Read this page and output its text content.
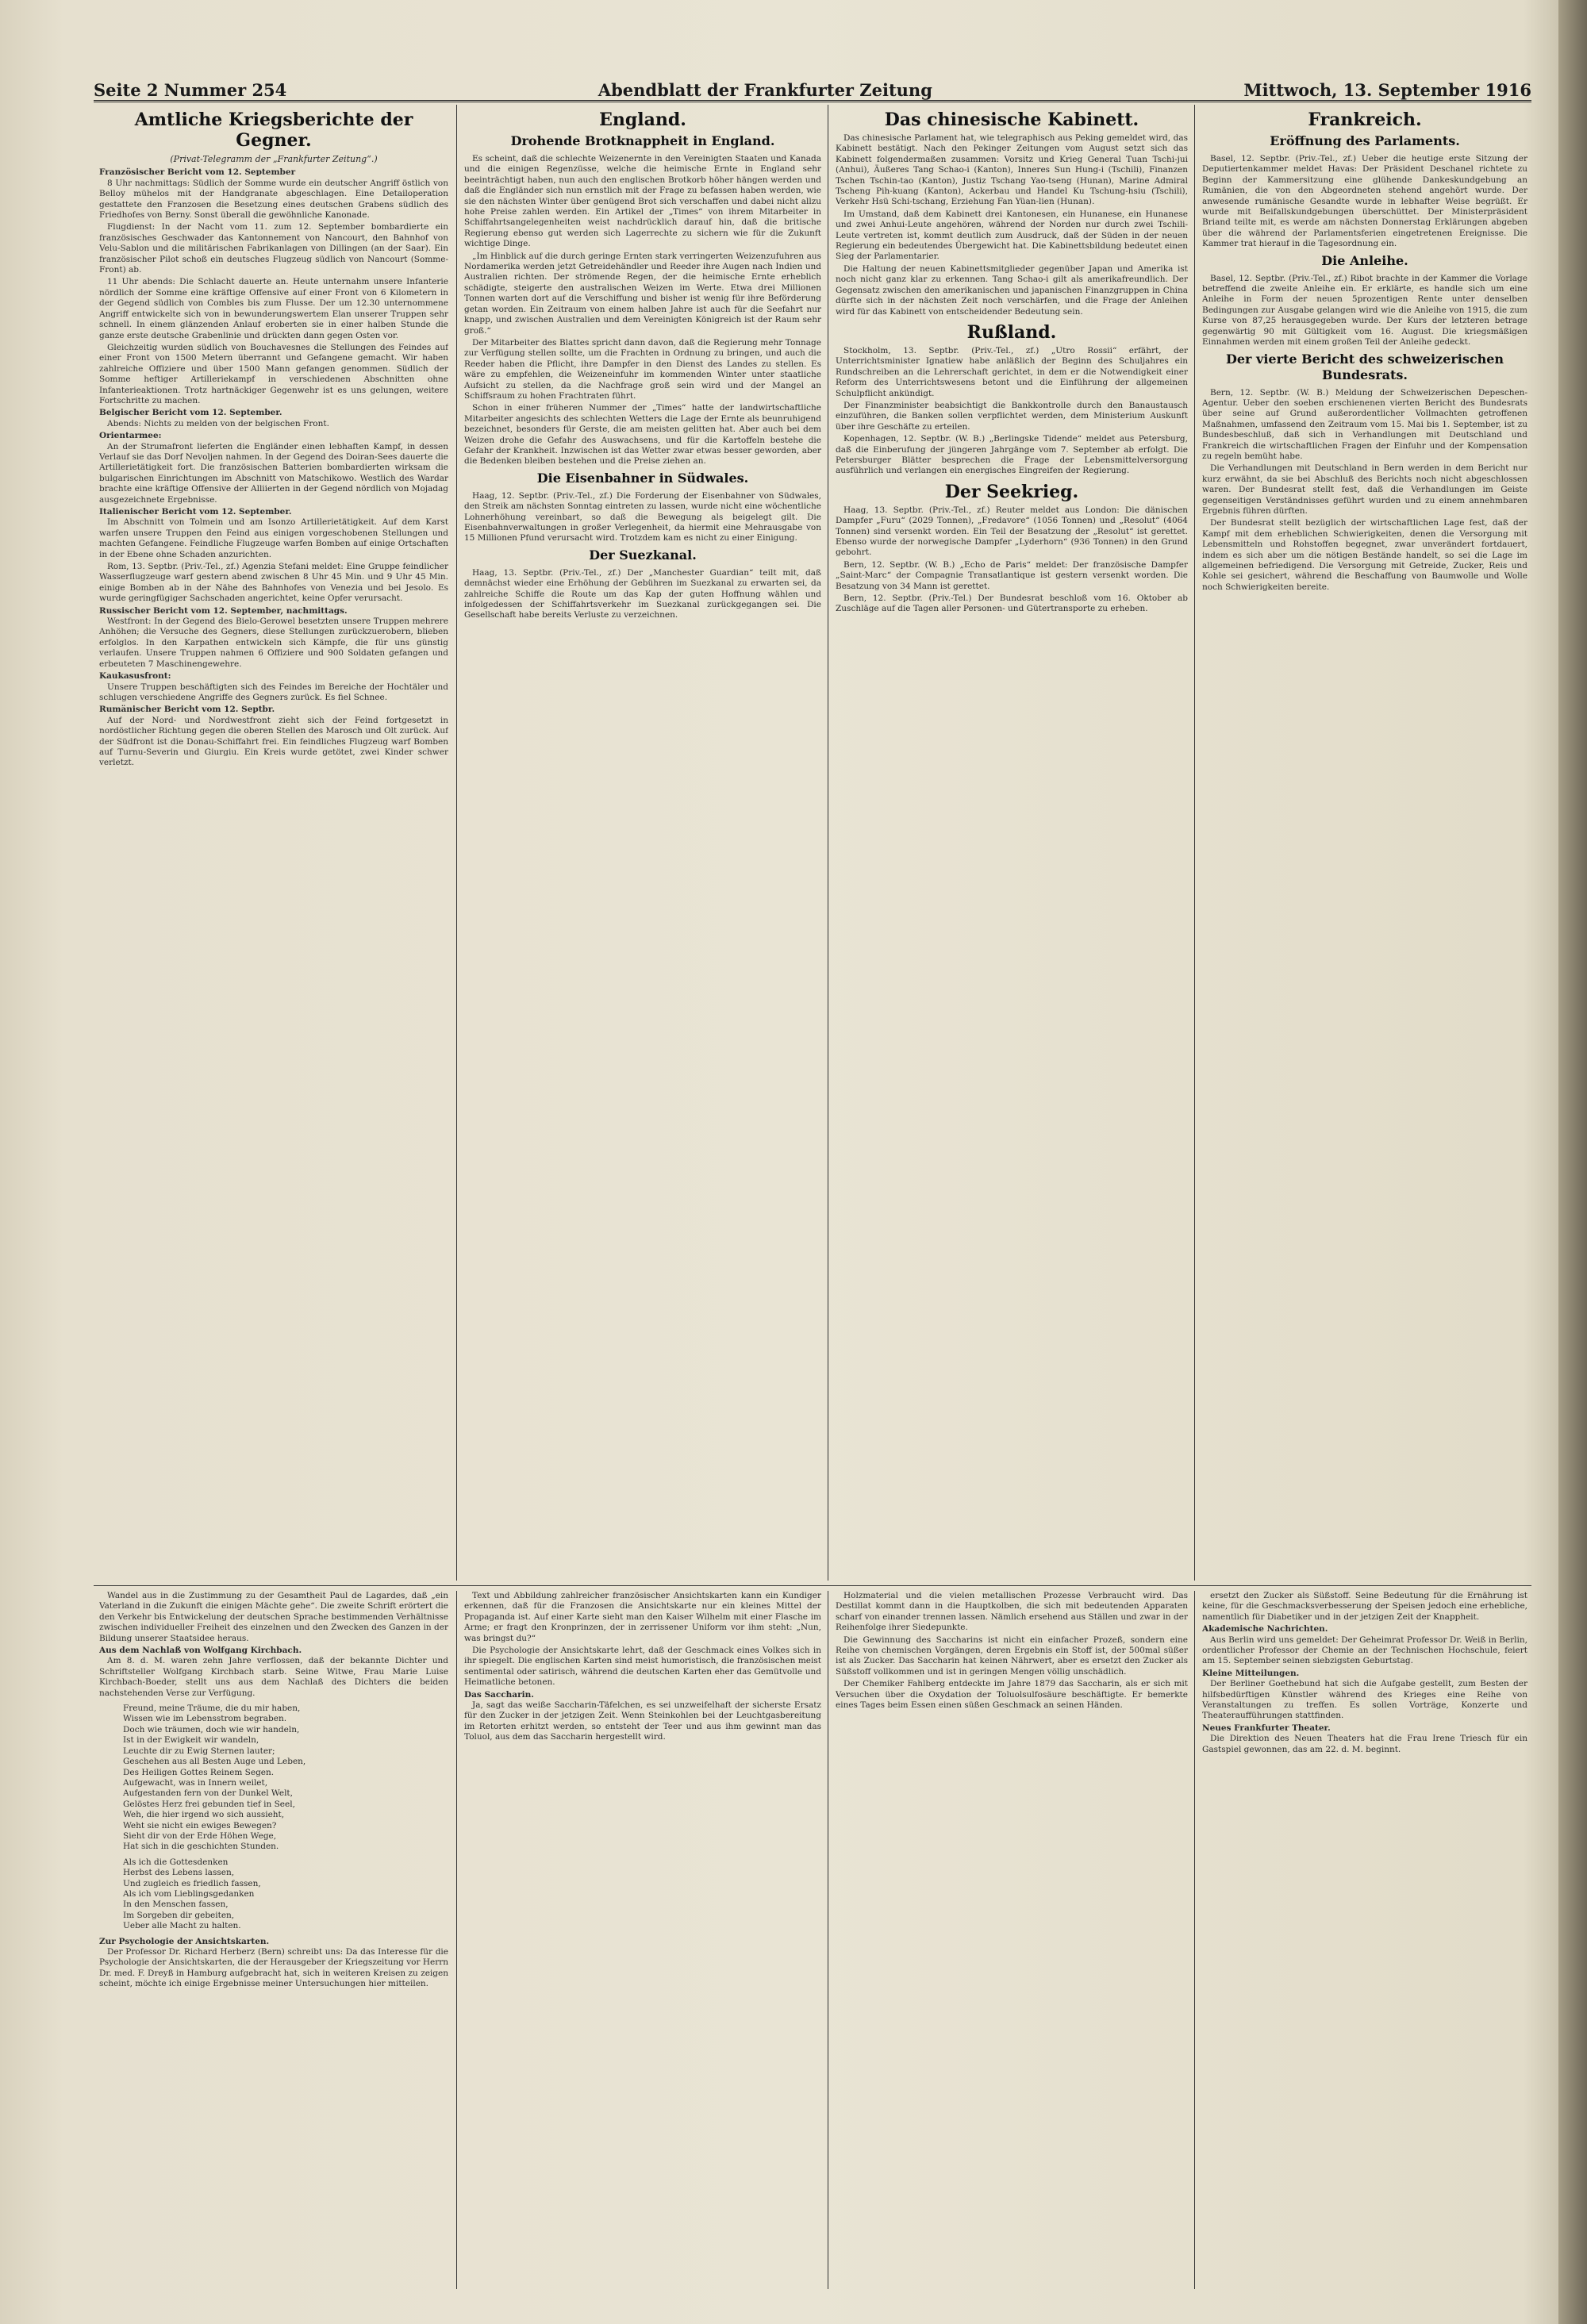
Seite 2 Nummer 254	Abendblatt der Frankfurter Zeitung	Mittwoch, 13. September 1916
Amtliche Kriegsberichte der Gegner.
(Privat-Telegramm der „Frankfurter Zeitung“.)
Französischer Bericht vom 12. September

8 Uhr nachmittags: Südlich der Somme wurde ein deutscher Angriff östlich von Belloy mühelos mit der Handgranate abgeschlagen. Eine Detailoperation gestattete den Franzosen die Besetzung eines deutschen Grabens südlich des Friedhofes von Berny. Sonst überall die gewöhnliche Kanonade.

Flugdienst: In der Nacht vom 11. zum 12. September bombardierte ein französisches Geschwader das Kantonnement von Nancourt, den Bahnhof von Velu-Sablon und die militärischen Fabrikanlagen von Dillingen (an der Saar). Ein französischer Pilot schoß ein deutsches Flugzeug südlich von Nancourt (Somme-Front) ab.

11 Uhr abends: Die Schlacht dauerte an. Heute unternahm unsere Infanterie nördlich der Somme eine kräftige Offensive auf einer Front von 6 Kilometern in der Gegend südlich von Combles bis zum Flusse. Der um 12.30 unternommene Angriff entwickelte sich von in bewunderungswertem Elan unserer Truppen sehr schnell. In einem glänzenden Anlauf eroberten sie in einer halben Stunde die ganze erste deutsche Grabenlinie und drückten dann gegen Osten vor.

Gleichzeitig wurden südlich von Bouchavesnes die Stellungen des Feindes auf einer Front von 1500 Metern überrannt und Gefangene gemacht. Wir haben zahlreiche Offiziere und über 1500 Mann gefangen genommen. Südlich der Somme heftiger Artilleriekampf in verschiedenen Abschnitten ohne Infanterieaktionen. Trotz hartnäckiger Gegenwehr ist es uns gelungen, weitere Fortschritte zu machen.

Belgischer Bericht vom 12. September.

Abends: Nichts zu melden von der belgischen Front.

Orientarmee:

An der Strumafront lieferten die Engländer einen lebhaften Kampf, in dessen Verlauf sie das Dorf Nevoljen nahmen. In der Gegend des Doiran-Sees dauerte die Artillerietätigkeit fort. Die französischen Batterien bombardierten wirksam die bulgarischen Einrichtungen im Abschnitt von Matschikowo. Westlich des Wardar brachte eine kräftige Offensive der Alliierten in der Gegend nördlich von Mojadag ausgezeichnete Ergebnisse.

Italienischer Bericht vom 12. September.

Im Abschnitt von Tolmein und am Isonzo Artillerietätigkeit. Auf dem Karst warfen unsere Truppen den Feind aus einigen vorgeschobenen Stellungen und machten Gefangene. Feindliche Flugzeuge warfen Bomben auf einige Ortschaften in der Ebene ohne Schaden anzurichten.

Rom, 13. Septbr. (Priv.-Tel., zf.) Agenzia Stefani meldet: Eine Gruppe feindlicher Wasserflugzeuge warf gestern abend zwischen 8 Uhr 45 Min. und 9 Uhr 45 Min. einige Bomben ab in der Nähe des Bahnhofes von Venezia und bei Jesolo. Es wurde geringfügiger Sachschaden angerichtet, keine Opfer verursacht.

Russischer Bericht vom 12. September, nachmittags.

Westfront: In der Gegend des Bielo-Gerowel besetzten unsere Truppen mehrere Anhöhen; die Versuche des Gegners, diese Stellungen zurückzuerobern, blieben erfolglos. In den Karpathen entwickeln sich Kämpfe, die für uns günstig verlaufen. Unsere Truppen nahmen 6 Offiziere und 900 Soldaten gefangen und erbeuteten 7 Maschinengewehre.

Kaukasusfront:

Unsere Truppen beschäftigten sich des Feindes im Bereiche der Hochtäler und schlugen verschiedene Angriffe des Gegners zurück. Es fiel Schnee.

Rumänischer Bericht vom 12. Septbr.

Auf der Nord- und Nordwestfront zieht sich der Feind fortgesetzt in nordöstlicher Richtung gegen die oberen Stellen des Marosch und Olt zurück. Auf der Südfront ist die Donau-Schiffahrt frei. Ein feindliches Flugzeug warf Bomben auf Turnu-Severin und Giurgiu. Ein Kreis wurde getötet, zwei Kinder schwer verletzt.

England.
Drohende Brotknappheit in England.

Es scheint, daß die schlechte Weizenernte in den Vereinigten Staaten und Kanada und die einigen Regenzüsse, welche die heimische Ernte in England sehr beeinträchtigt haben, nun auch den englischen Brotkorb höher hängen werden und daß die Engländer sich nun ernstlich mit der Frage zu befassen haben werden, wie sie den nächsten Winter über genügend Brot sich verschaffen und dabei nicht allzu hohe Preise zahlen werden. Ein Artikel der „Times“ von ihrem Mitarbeiter in Schiffahrtsangelegenheiten weist nachdrücklich darauf hin, daß die britische Regierung ebenso gut werden sich Lagerrechte zu sichern wie für die Zukunft wichtige Dinge.

„Im Hinblick auf die durch geringe Ernten stark verringerten Weizenzufuhren aus Nordamerika werden jetzt Getreidehändler und Reeder ihre Augen nach Indien und Australien richten. Der strömende Regen, der die heimische Ernte erheblich schädigte, steigerte den australischen Weizen im Werte. Etwa drei Millionen Tonnen warten dort auf die Verschiffung und bisher ist wenig für ihre Beförderung getan worden. Ein Zeitraum von einem halben Jahre ist auch für die Seefahrt nur knapp, und zwischen Australien und dem Vereinigten Königreich ist der Raum sehr groß.“

Der Mitarbeiter des Blattes spricht dann davon, daß die Regierung mehr Tonnage zur Verfügung stellen sollte, um die Frachten in Ordnung zu bringen, und auch die Reeder haben die Pflicht, ihre Dampfer in den Dienst des Landes zu stellen. Es wäre zu empfehlen, die Weizeneinfuhr im kommenden Winter unter staatliche Aufsicht zu stellen, da die Nachfrage groß sein wird und der Mangel an Schiffsraum zu hohen Frachtraten führt.

Schon in einer früheren Nummer der „Times“ hatte der landwirtschaftliche Mitarbeiter angesichts des schlechten Wetters die Lage der Ernte als beunruhigend bezeichnet, besonders für Gerste, die am meisten gelitten hat. Aber auch bei dem Weizen drohe die Gefahr des Auswachsens, und für die Kartoffeln bestehe die Gefahr der Krankheit. Inzwischen ist das Wetter zwar etwas besser geworden, aber die Bedenken bleiben bestehen und die Preise ziehen an.

Die Eisenbahner in Südwales.

Haag, 12. Septbr. (Priv.-Tel., zf.) Die Forderung der Eisenbahner von Südwales, den Streik am nächsten Sonntag eintreten zu lassen, wurde nicht eine wöchentliche Lohnerhöhung vereinbart, so daß die Bewegung als beigelegt gilt. Die Eisenbahnverwaltungen in großer Verlegenheit, da hiermit eine Mehrausgabe von 15 Millionen Pfund verursacht wird. Trotzdem kam es nicht zu einer Einigung.

Der Suezkanal.

Haag, 13. Septbr. (Priv.-Tel., zf.) Der „Manchester Guardian“ teilt mit, daß demnächst wieder eine Erhöhung der Gebühren im Suezkanal zu erwarten sei, da zahlreiche Schiffe die Route um das Kap der guten Hoffnung wählen und infolgedessen der Schiffahrtsverkehr im Suezkanal zurückgegangen sei. Die Gesellschaft habe bereits Verluste zu verzeichnen.

Das chinesische Kabinett.

Das chinesische Parlament hat, wie telegraphisch aus Peking gemeldet wird, das Kabinett bestätigt. Nach den Pekinger Zeitungen vom August setzt sich das Kabinett folgendermaßen zusammen: Vorsitz und Krieg General Tuan Tschi-jui (Anhui), Äußeres Tang Schao-i (Kanton), Inneres Sun Hung-i (Tschili), Finanzen Tschen Tschin-tao (Kanton), Justiz Tschang Yao-tseng (Hunan), Marine Admiral Tscheng Pih-kuang (Kanton), Ackerbau und Handel Ku Tschung-hsiu (Tschili), Verkehr Hsü Schi-tschang, Erziehung Fan Yüan-lien (Hunan).

Im Umstand, daß dem Kabinett drei Kantonesen, ein Hunanese, ein Hunanese und zwei Anhui-Leute angehören, während der Norden nur durch zwei Tschili-Leute vertreten ist, kommt deutlich zum Ausdruck, daß der Süden in der neuen Regierung ein bedeutendes Übergewicht hat. Die Kabinettsbildung bedeutet einen Sieg der Parlamentarier.

Die Haltung der neuen Kabinettsmitglieder gegenüber Japan und Amerika ist noch nicht ganz klar zu erkennen. Tang Schao-i gilt als amerikafreundlich. Der Gegensatz zwischen den amerikanischen und japanischen Finanzgruppen in China dürfte sich in der nächsten Zeit noch verschärfen, und die Frage der Anleihen wird für das Kabinett von entscheidender Bedeutung sein.

Rußland.

Stockholm, 13. Septbr. (Priv.-Tel., zf.) „Utro Rossii“ erfährt, der Unterrichtsminister Ignatiew habe anläßlich der Beginn des Schuljahres ein Rundschreiben an die Lehrerschaft gerichtet, in dem er die Notwendigkeit einer Reform des Unterrichtswesens betont und die Einführung der allgemeinen Schulpflicht ankündigt.

Der Finanzminister beabsichtigt die Bankkontrolle durch den Banaustausch einzuführen, die Banken sollen verpflichtet werden, dem Ministerium Auskunft über ihre Geschäfte zu erteilen.

Kopenhagen, 12. Septbr. (W. B.) „Berlingske Tidende“ meldet aus Petersburg, daß die Einberufung der jüngeren Jahrgänge vom 7. September ab erfolgt. Die Petersburger Blätter besprechen die Frage der Lebensmittelversorgung ausführlich und verlangen ein energisches Eingreifen der Regierung.

Der Seekrieg.

Haag, 13. Septbr. (Priv.-Tel., zf.) Reuter meldet aus London: Die dänischen Dampfer „Furu“ (2029 Tonnen), „Fredavore“ (1056 Tonnen) und „Resolut“ (4064 Tonnen) sind versenkt worden. Ein Teil der Besatzung der „Resolut“ ist gerettet. Ebenso wurde der norwegische Dampfer „Lyderhorn“ (936 Tonnen) in den Grund gebohrt.

Bern, 12. Septbr. (W. B.) „Echo de Paris“ meldet: Der französische Dampfer „Saint-Marc“ der Compagnie Transatlantique ist gestern versenkt worden. Die Besatzung von 34 Mann ist gerettet.

Bern, 12. Septbr. (Priv.-Tel.) Der Bundesrat beschloß vom 16. Oktober ab Zuschläge auf die Tagen aller Personen- und Gütertransporte zu erheben.

Frankreich.
Eröffnung des Parlaments.

Basel, 12. Septbr. (Priv.-Tel., zf.) Ueber die heutige erste Sitzung der Deputiertenkammer meldet Havas: Der Präsident Deschanel richtete zu Beginn der Kammersitzung eine glühende Dankeskundgebung an Rumänien, die von den Abgeordneten stehend angehört wurde. Der anwesende rumänische Gesandte wurde in lebhafter Weise begrüßt. Er wurde mit Beifallskundgebungen überschüttet. Der Ministerpräsident Briand teilte mit, es werde am nächsten Donnerstag Erklärungen abgeben über die während der Parlamentsferien eingetretenen Ereignisse. Die Kammer trat hierauf in die Tagesordnung ein.

Die Anleihe.

Basel, 12. Septbr. (Priv.-Tel., zf.) Ribot brachte in der Kammer die Vorlage betreffend die zweite Anleihe ein. Er erklärte, es handle sich um eine Anleihe in Form der neuen 5prozentigen Rente unter denselben Bedingungen zur Ausgabe gelangen wird wie die Anleihe von 1915, die zum Kurse von 87,25 herausgegeben wurde. Der Kurs der letzteren betrage gegenwärtig 90 mit Gültigkeit vom 16. August. Die kriegsmäßigen Einnahmen werden mit einem großen Teil der Anleihe gedeckt.

Der vierte Bericht des schweizerischen Bundesrats.

Bern, 12. Septbr. (W. B.) Meldung der Schweizerischen Depeschen-Agentur. Ueber den soeben erschienenen vierten Bericht des Bundesrats über seine auf Grund außerordentlicher Vollmachten getroffenen Maßnahmen, umfassend den Zeitraum vom 15. Mai bis 1. September, ist zu Bundesbeschluß, daß sich in Verhandlungen mit Deutschland und Frankreich die wirtschaftlichen Fragen der Einfuhr und der Kompensation zu regeln bemüht habe.

Die Verhandlungen mit Deutschland in Bern werden in dem Bericht nur kurz erwähnt, da sie bei Abschluß des Berichts noch nicht abgeschlossen waren. Der Bundesrat stellt fest, daß die Verhandlungen im Geiste gegenseitigen Verständnisses geführt wurden und zu einem annehmbaren Ergebnis führen dürften.

Der Bundesrat stellt bezüglich der wirtschaftlichen Lage fest, daß der Kampf mit dem erheblichen Schwierigkeiten, denen die Versorgung mit Lebensmitteln und Rohstoffen begegnet, zwar unverändert fortdauert, indem es sich aber um die nötigen Bestände handelt, so sei die Lage im allgemeinen befriedigend. Die Versorgung mit Getreide, Zucker, Reis und Kohle sei gesichert, während die Beschaffung von Baumwolle und Wolle noch Schwierigkeiten bereite.

Wandel aus in die Zustimmung zu der Gesamtheit Paul de Lagardes, daß „ein Vaterland in die Zukunft die einigen Mächte gehe“. Die zweite Schrift erörtert die den Verkehr bis Entwickelung der deutschen Sprache bestimmenden Verhältnisse zwischen individueller Freiheit des einzelnen und den Zwecken des Ganzen in der Bildung unserer Staatsidee heraus.

Aus dem Nachlaß von Wolfgang Kirchbach.

Am 8. d. M. waren zehn Jahre verflossen, daß der bekannte Dichter und Schriftsteller Wolfgang Kirchbach starb. Seine Witwe, Frau Marie Luise Kirchbach-Boeder, stellt uns aus dem Nachlaß des Dichters die beiden nachstehenden Verse zur Verfügung.

Freund, meine Träume, die du mir haben,
Wissen wie im Lebensstrom begraben.
Doch wie träumen, doch wie wir handeln,
Ist in der Ewigkeit wir wandeln,
Leuchte dir zu Ewig Sternen lauter;
Geschehen aus all Besten Auge und Leben,
Des Heiligen Gottes Reinem Segen.
Aufgewacht, was in Innern weilet,
Aufgestanden fern von der Dunkel Welt,
Gelöstes Herz frei gebunden tief in Seel,
Weh, die hier irgend wo sich aussieht,
Weht sie nicht ein ewiges Bewegen?
Sieht dir von der Erde Höhen Wege,
Hat sich in die geschichten Stunden.
Als ich die Gottesdenken
Herbst des Lebens lassen,
Und zugleich es friedlich fassen,
Als ich vom Lieblingsgedanken
In den Menschen fassen,
Im Sorgeben dir gebeiten,
Ueber alle Macht zu halten.
Zur Psychologie der Ansichtskarten.

Der Professor Dr. Richard Herberz (Bern) schreibt uns: Da das Interesse für die Psychologie der Ansichtskarten, die der Herausgeber der Kriegszeitung vor Herrn Dr. med. F. Dreyß in Hamburg aufgebracht hat, sich in weiteren Kreisen zu zeigen scheint, möchte ich einige Ergebnisse meiner Untersuchungen hier mitteilen.

Text und Abbildung zahlreicher französischer Ansichtskarten kann ein Kundiger erkennen, daß für die Franzosen die Ansichtskarte nur ein kleines Mittel der Propaganda ist. Auf einer Karte sieht man den Kaiser Wilhelm mit einer Flasche im Arme; er fragt den Kronprinzen, der in zerrissener Uniform vor ihm steht: „Nun, was bringst du?“

Die Psychologie der Ansichtskarte lehrt, daß der Geschmack eines Volkes sich in ihr spiegelt. Die englischen Karten sind meist humoristisch, die französischen meist sentimental oder satirisch, während die deutschen Karten eher das Gemütvolle und Heimatliche betonen.

Das Saccharin.

Ja, sagt das weiße Saccharin-Täfelchen, es sei unzweifelhaft der sicherste Ersatz für den Zucker in der jetzigen Zeit. Wenn Steinkohlen bei der Leuchtgasbereitung im Retorten erhitzt werden, so entsteht der Teer und aus ihm gewinnt man das Toluol, aus dem das Saccharin hergestellt wird.

Holzmaterial und die vielen metallischen Prozesse Verbraucht wird. Das Destillat kommt dann in die Hauptkolben, die sich mit bedeutenden Apparaten scharf von einander trennen lassen. Nämlich ersehend aus Ställen und zwar in der Reihenfolge ihrer Siedepunkte.

Die Gewinnung des Saccharins ist nicht ein einfacher Prozeß, sondern eine Reihe von chemischen Vorgängen, deren Ergebnis ein Stoff ist, der 500mal süßer ist als Zucker. Das Saccharin hat keinen Nährwert, aber es ersetzt den Zucker als Süßstoff vollkommen und ist in geringen Mengen völlig unschädlich.

Der Chemiker Fahlberg entdeckte im Jahre 1879 das Saccharin, als er sich mit Versuchen über die Oxydation der Toluolsulfosäure beschäftigte. Er bemerkte eines Tages beim Essen einen süßen Geschmack an seinen Händen.

ersetzt den Zucker als Süßstoff. Seine Bedeutung für die Ernährung ist keine, für die Geschmacksverbesserung der Speisen jedoch eine erhebliche, namentlich für Diabetiker und in der jetzigen Zeit der Knappheit.

Akademische Nachrichten.

Aus Berlin wird uns gemeldet: Der Geheimrat Professor Dr. Weiß in Berlin, ordentlicher Professor der Chemie an der Technischen Hochschule, feiert am 15. September seinen siebzigsten Geburtstag.

Kleine Mitteilungen.

Der Berliner Goethebund hat sich die Aufgabe gestellt, zum Besten der hilfsbedürftigen Künstler während des Krieges eine Reihe von Veranstaltungen zu treffen. Es sollen Vorträge, Konzerte und Theateraufführungen stattfinden.

Neues Frankfurter Theater.

Die Direktion des Neuen Theaters hat die Frau Irene Triesch für ein Gastspiel gewonnen, das am 22. d. M. beginnt.
